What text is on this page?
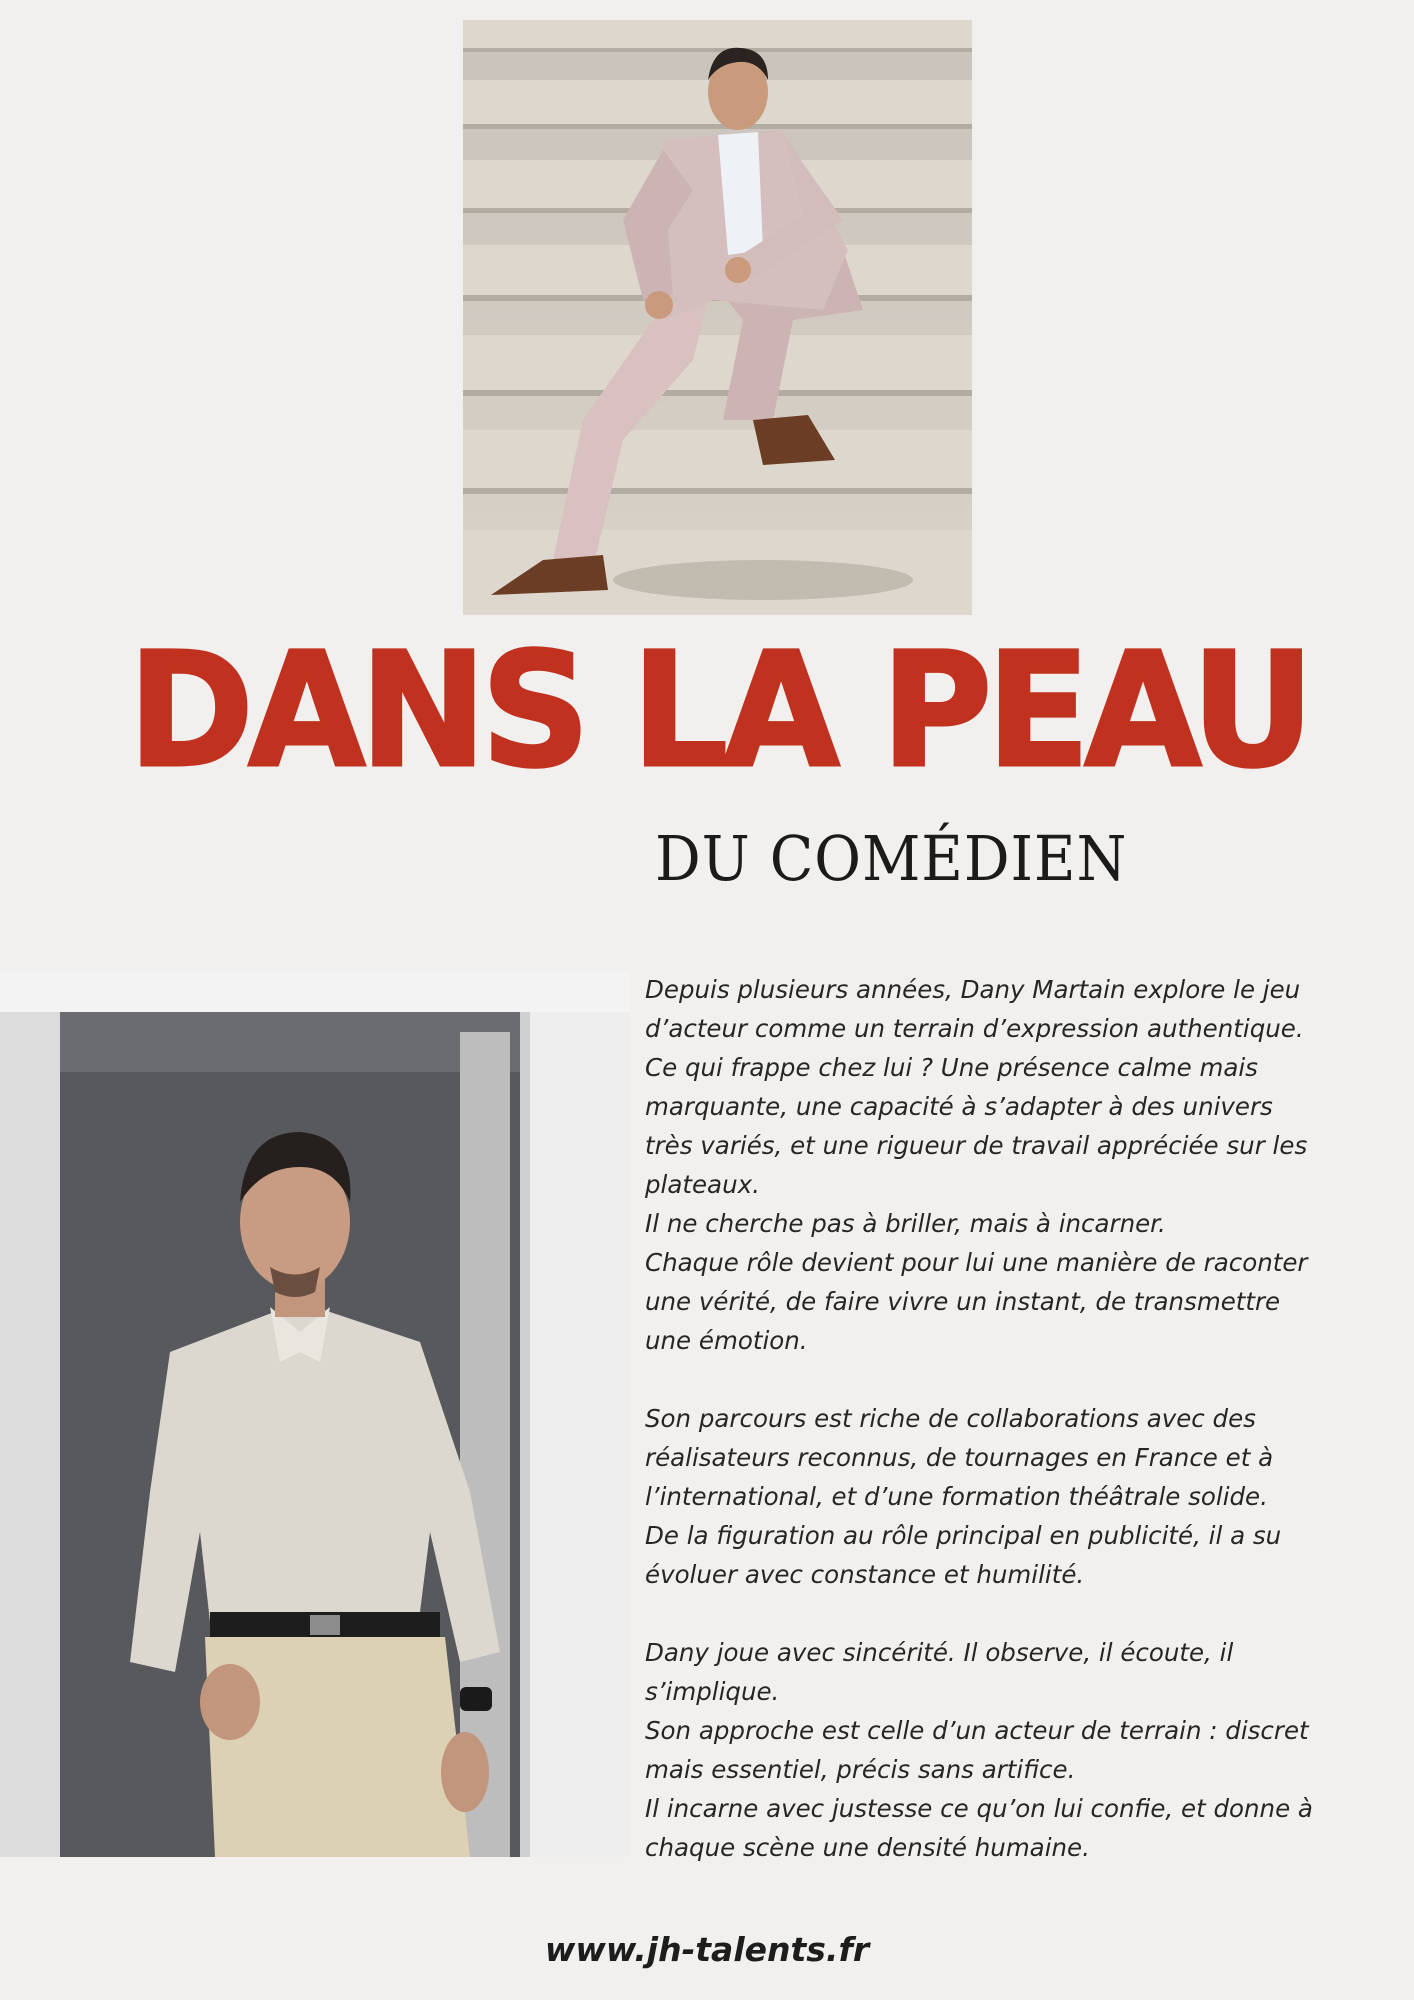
DANS LA PEAU
DU COMÉDIEN

Depuis plusieurs années, Dany Martain explore le jeu

d’acteur comme un terrain d’expression authentique.

Ce qui frappe chez lui ? Une présence calme mais

marquante, une capacité à s’adapter à des univers

très variés, et une rigueur de travail appréciée sur les

plateaux.

Il ne cherche pas à briller, mais à incarner.

Chaque rôle devient pour lui une manière de raconter

une vérité, de faire vivre un instant, de transmettre

une émotion.

Son parcours est riche de collaborations avec des

réalisateurs reconnus, de tournages en France et à

l’international, et d’une formation théâtrale solide.

De la figuration au rôle principal en publicité, il a su

évoluer avec constance et humilité.

Dany joue avec sincérité. Il observe, il écoute, il

s’implique.

Son approche est celle d’un acteur de terrain : discret

mais essentiel, précis sans artifice.

Il incarne avec justesse ce qu’on lui confie, et donne à

chaque scène une densité humaine.

www.jh-talents.fr
